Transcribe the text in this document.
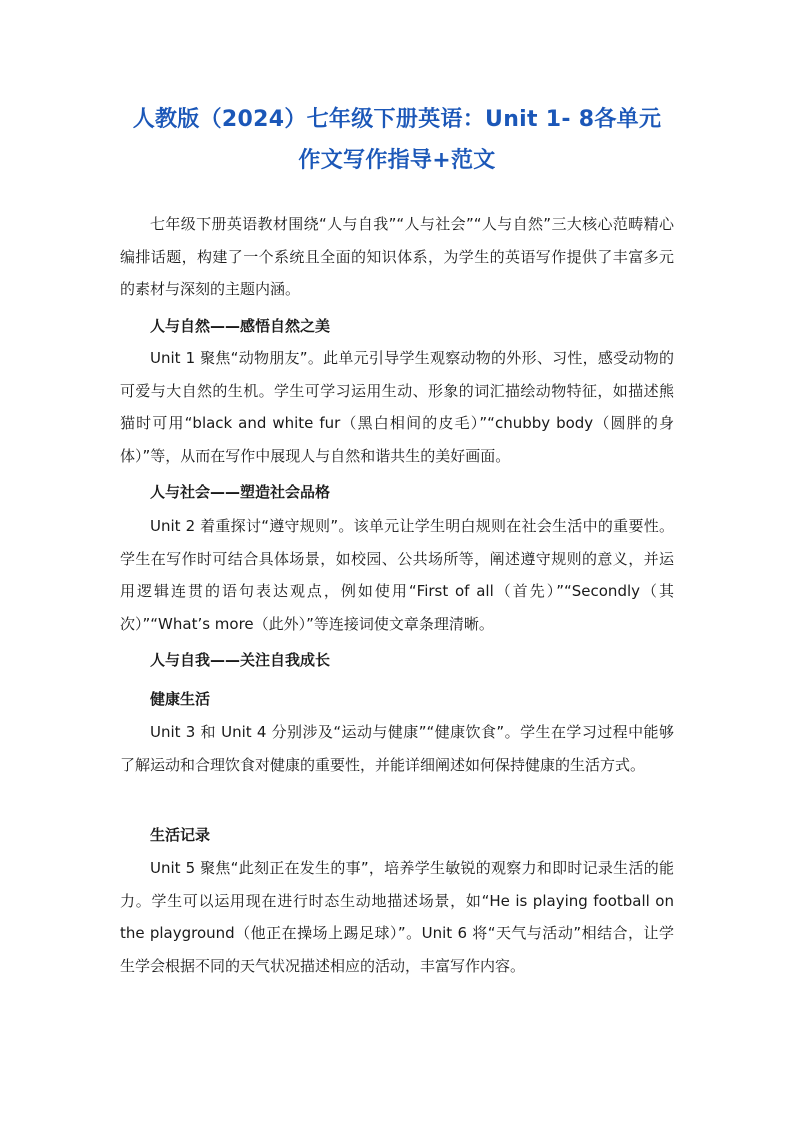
人教版（2024）七年级下册英语：Unit 1- 8各单元
作文写作指导+范文

七年级下册英语教材围绕“人与自我”“人与社会”“人与自然”三大核心范畴精心编排话题，构建了一个系统且全面的知识体系，为学生的英语写作提供了丰富多元的素材与深刻的主题内涵。

人与自然——感悟自然之美

Unit 1 聚焦“动物朋友”。此单元引导学生观察动物的外形、习性，感受动物的可爱与大自然的生机。学生可学习运用生动、形象的词汇描绘动物特征，如描述熊猫时可用“black and white fur（黑白相间的皮毛）”“chubby body（圆胖的身体）”等，从而在写作中展现人与自然和谐共生的美好画面。

人与社会——塑造社会品格

Unit 2 着重探讨“遵守规则”。该单元让学生明白规则在社会生活中的重要性。学生在写作时可结合具体场景，如校园、公共场所等，阐述遵守规则的意义，并运用逻辑连贯的语句表达观点，例如使用“First of all（首先）”“Secondly（其次）”“What’s more（此外）”等连接词使文章条理清晰。

人与自我——关注自我成长

健康生活

Unit 3 和 Unit 4 分别涉及“运动与健康”“健康饮食”。学生在学习过程中能够了解运动和合理饮食对健康的重要性，并能详细阐述如何保持健康的生活方式。

生活记录

Unit 5 聚焦“此刻正在发生的事”，培养学生敏锐的观察力和即时记录生活的能力。学生可以运用现在进行时态生动地描述场景，如“He is playing football on the playground（他正在操场上踢足球）”。Unit 6 将“天气与活动”相结合，让学生学会根据不同的天气状况描述相应的活动，丰富写作内容。
